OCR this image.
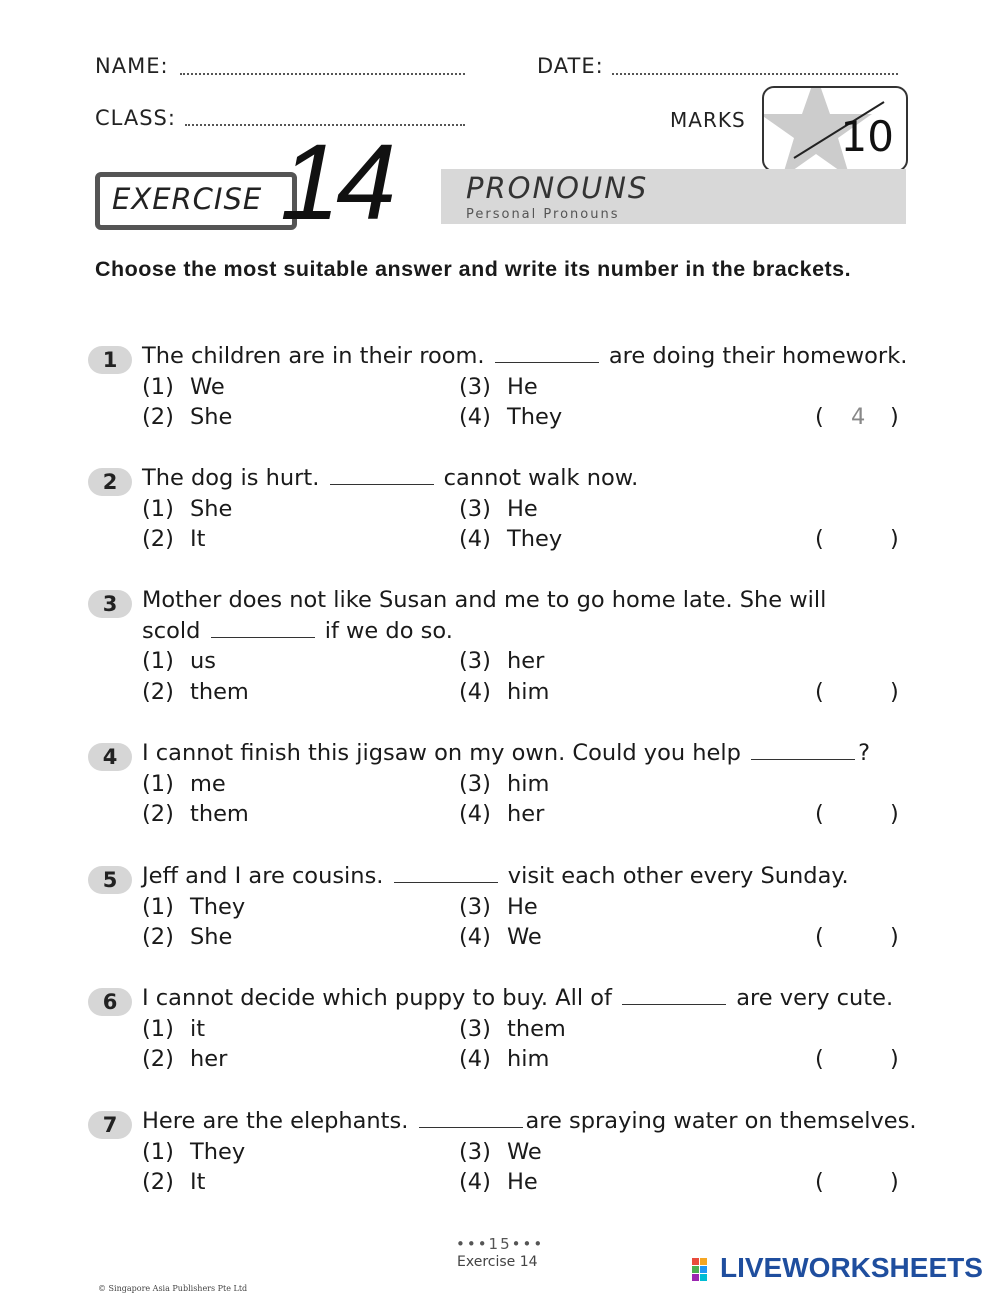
NAME:	DATE:
CLASS:	MARKS 10
EXERCISE 14	PRONOUNS
Personal Pronouns
Choose the most suitable answer and write its number in the brackets.
1	The children are in their room.	are doing their homework.
(1) We	(3) He
(2) She	(4) They	( 4 )
2	The dog is hurt.	cannot walk now.
(1) She	(3) He
(2) It	(4) They	(	)
3	Mother does not like Susan and me to go home late. She will
scold	if we do so.
(1) us	(3) her
(2) them	(4) him	(	)
4	I cannot finish this jigsaw on my own. Could you help	?
(1) me	(3) him
(2) them	(4) her	(	)
5	Jeff and I are cousins.	visit each other every Sunday.
(1) They	(3) He
(2) She	(4) We	(	)
6	I cannot decide which puppy to buy. All of	are very cute.
(1) it	(3) them
(2) her	(4) him	(	)
7	Here are the elephants.	are spraying water on themselves.
(1) They	(3) We
(2) It	(4) He	(	)
•••15•••
Exercise 14
© Singapore Asia Publishers Pte Ltd
LIVEWORKSHEETS
